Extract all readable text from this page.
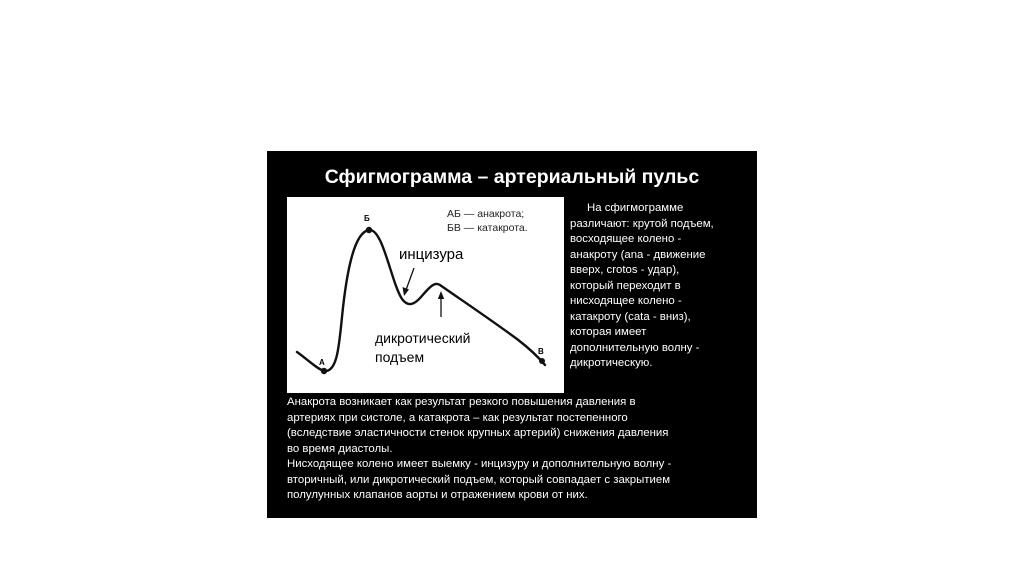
Сфигмограмма – артериальный пульс
Б
А
В
АБ — анакрота;
БВ — катакрота.
инцизура
дикротический
подъем
На сфигмограмме
различают: крутой подъем,
восходящее колено -
анакроту (ana - движение
вверх, crotos - удар),
который переходит в
нисходящее колено -
катакроту (cata - вниз),
которая имеет
дополнительную волну -
дикротическую.
Анакрота возникает как результат резкого повышения давления в
артериях при систоле, а катакрота – как результат постепенного
(вследствие эластичности стенок крупных артерий) снижения давления
во время диастолы.
Нисходящее колено имеет выемку - инцизуру и дополнительную волну -
вторичный, или дикротический подъем, который совпадает с закрытием
полулунных клапанов аорты и отражением крови от них.
